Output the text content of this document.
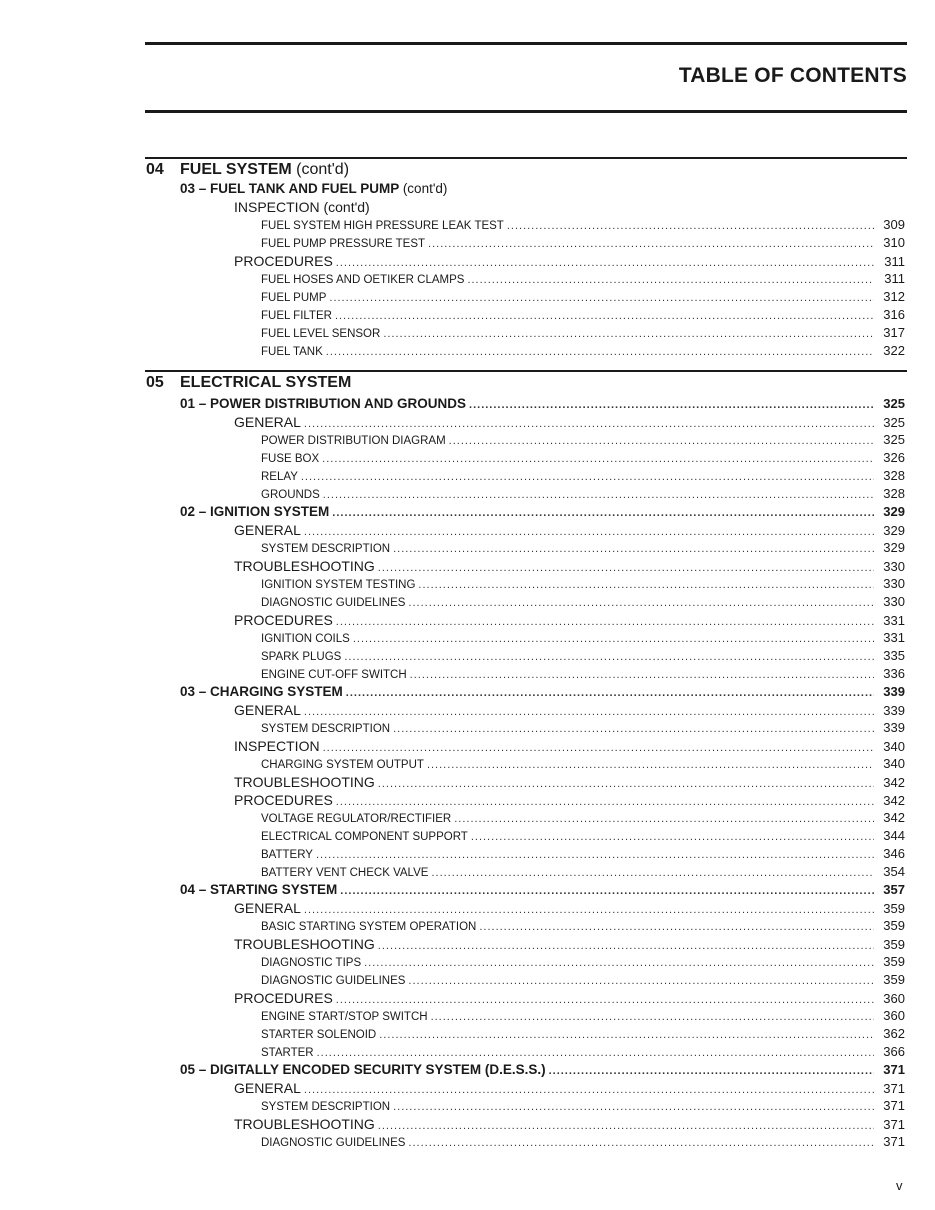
TABLE OF CONTENTS
04 FUEL SYSTEM (cont'd)
03 – FUEL TANK AND FUEL PUMP (cont'd)
INSPECTION (cont'd)
FUEL SYSTEM HIGH PRESSURE LEAK TEST .....	309
FUEL PUMP PRESSURE TEST .....	310
PROCEDURES .....	311
FUEL HOSES AND OETIKER CLAMPS .....	311
FUEL PUMP .....	312
FUEL FILTER .....	316
FUEL LEVEL SENSOR .....	317
FUEL TANK .....	322
05 ELECTRICAL SYSTEM
01 – POWER DISTRIBUTION AND GROUNDS .....	325
GENERAL .....	325
POWER DISTRIBUTION DIAGRAM .....	325
FUSE BOX .....	326
RELAY .....	328
GROUNDS .....	328
02 – IGNITION SYSTEM .....	329
GENERAL .....	329
SYSTEM DESCRIPTION .....	329
TROUBLESHOOTING .....	330
IGNITION SYSTEM TESTING .....	330
DIAGNOSTIC GUIDELINES .....	330
PROCEDURES .....	331
IGNITION COILS .....	331
SPARK PLUGS .....	335
ENGINE CUT-OFF SWITCH .....	336
03 – CHARGING SYSTEM .....	339
GENERAL .....	339
SYSTEM DESCRIPTION .....	339
INSPECTION .....	340
CHARGING SYSTEM OUTPUT .....	340
TROUBLESHOOTING .....	342
PROCEDURES .....	342
VOLTAGE REGULATOR/RECTIFIER .....	342
ELECTRICAL COMPONENT SUPPORT .....	344
BATTERY .....	346
BATTERY VENT CHECK VALVE .....	354
04 – STARTING SYSTEM .....	357
GENERAL .....	359
BASIC STARTING SYSTEM OPERATION .....	359
TROUBLESHOOTING .....	359
DIAGNOSTIC TIPS .....	359
DIAGNOSTIC GUIDELINES .....	359
PROCEDURES .....	360
ENGINE START/STOP SWITCH .....	360
STARTER SOLENOID .....	362
STARTER .....	366
05 – DIGITALLY ENCODED SECURITY SYSTEM (D.E.S.S.) .....	371
GENERAL .....	371
SYSTEM DESCRIPTION .....	371
TROUBLESHOOTING .....	371
DIAGNOSTIC GUIDELINES .....	371
v
